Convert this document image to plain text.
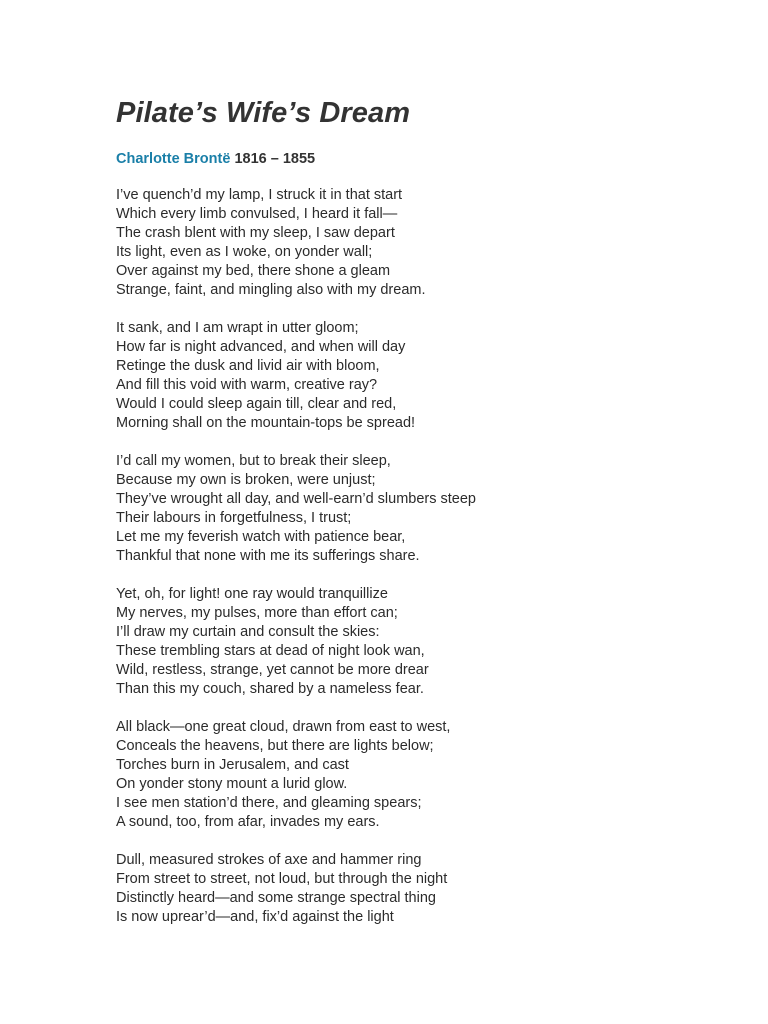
Pilate’s Wife’s Dream
Charlotte Brontë 1816 – 1855
I’ve quench’d my lamp, I struck it in that start
Which every limb convulsed, I heard it fall—
The crash blent with my sleep, I saw depart
Its light, even as I woke, on yonder wall;
Over against my bed, there shone a gleam
Strange, faint, and mingling also with my dream.
It sank, and I am wrapt in utter gloom;
How far is night advanced, and when will day
Retinge the dusk and livid air with bloom,
And fill this void with warm, creative ray?
Would I could sleep again till, clear and red,
Morning shall on the mountain-tops be spread!
I’d call my women, but to break their sleep,
Because my own is broken, were unjust;
They’ve wrought all day, and well-earn’d slumbers steep
Their labours in forgetfulness, I trust;
Let me my feverish watch with patience bear,
Thankful that none with me its sufferings share.
Yet, oh, for light! one ray would tranquillize
My nerves, my pulses, more than effort can;
I’ll draw my curtain and consult the skies:
These trembling stars at dead of night look wan,
Wild, restless, strange, yet cannot be more drear
Than this my couch, shared by a nameless fear.
All black—one great cloud, drawn from east to west,
Conceals the heavens, but there are lights below;
Torches burn in Jerusalem, and cast
On yonder stony mount a lurid glow.
I see men station’d there, and gleaming spears;
A sound, too, from afar, invades my ears.
Dull, measured strokes of axe and hammer ring
From street to street, not loud, but through the night
Distinctly heard—and some strange spectral thing
Is now uprear’d—and, fix’d against the light
